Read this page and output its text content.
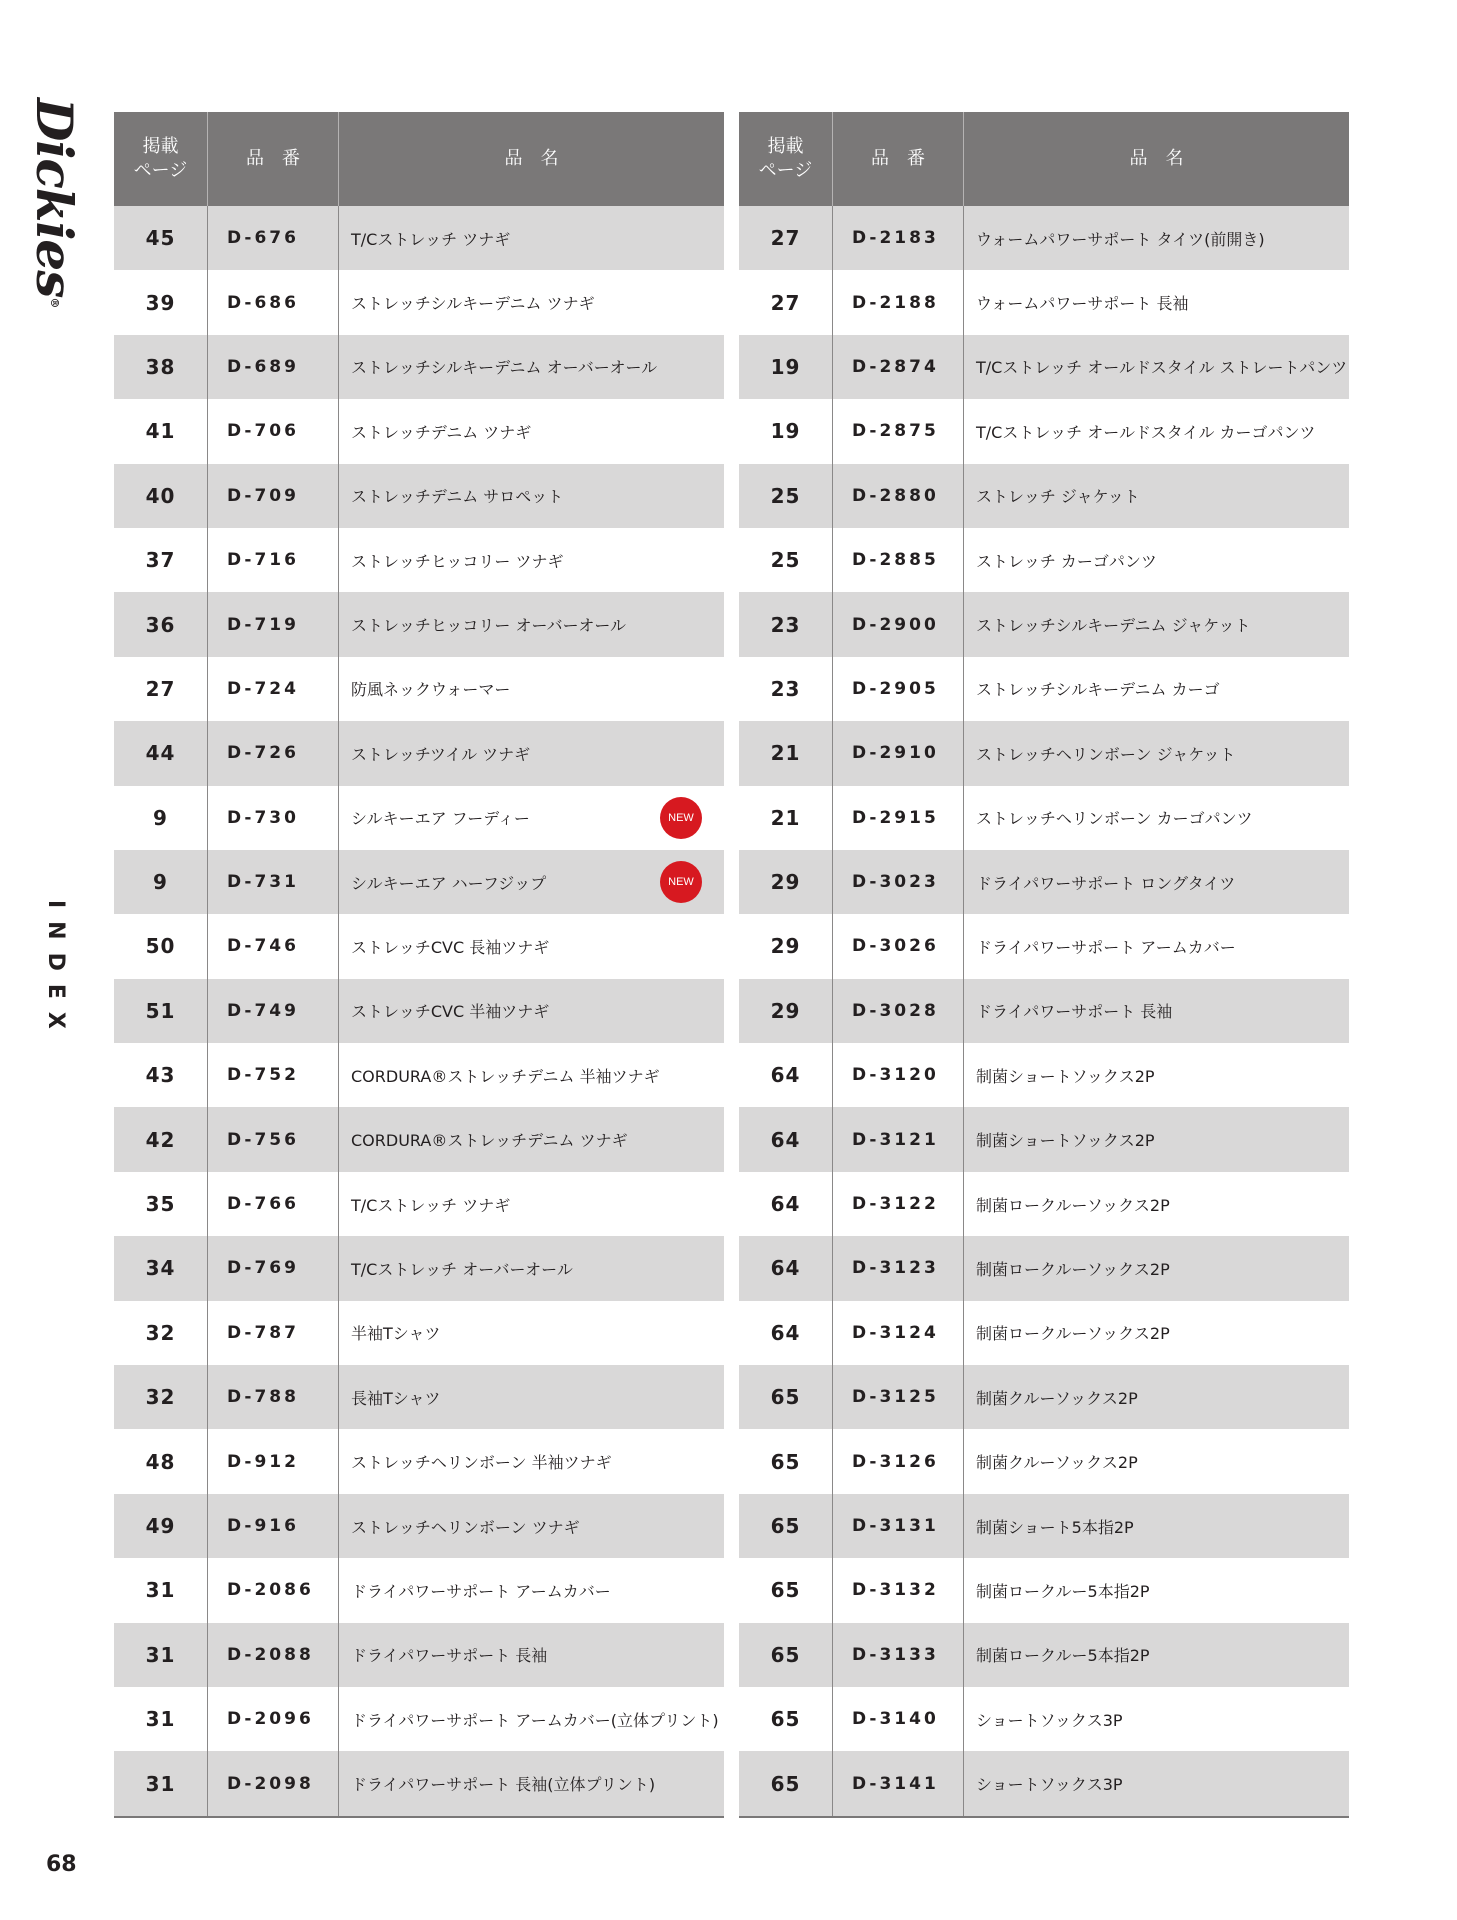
Dickies®
INDEX
掲載
ページ
品　番	品　名
45	D-676	T/Cストレッチ ツナギ
39	D-686	ストレッチシルキーデニム ツナギ
38	D-689	ストレッチシルキーデニム オーバーオール
41	D-706	ストレッチデニム ツナギ
40	D-709	ストレッチデニム サロペット
37	D-716	ストレッチヒッコリー ツナギ
36	D-719	ストレッチヒッコリー オーバーオール
27	D-724	防風ネックウォーマー
44	D-726	ストレッチツイル ツナギ
9	D-730	シルキーエア フーディー	NEW
9	D-731	シルキーエア ハーフジップ	NEW
50	D-746	ストレッチCVC 長袖ツナギ
51	D-749	ストレッチCVC 半袖ツナギ
43	D-752	CORDURA®ストレッチデニム 半袖ツナギ
42	D-756	CORDURA®ストレッチデニム ツナギ
35	D-766	T/Cストレッチ ツナギ
34	D-769	T/Cストレッチ オーバーオール
32	D-787	半袖Tシャツ
32	D-788	長袖Tシャツ
48	D-912	ストレッチヘリンボーン 半袖ツナギ
49	D-916	ストレッチヘリンボーン ツナギ
31	D-2086 ドライパワーサポート アームカバー
31	D-2088 ドライパワーサポート 長袖
31	D-2096 ドライパワーサポート アームカバー(立体プリント)
31	D-2098 ドライパワーサポート 長袖(立体プリント)
掲載
ページ
品　番	品　名
27	D-2183 ウォームパワーサポート タイツ(前開き)
27	D-2188 ウォームパワーサポート 長袖
19	D-2874 T/Cストレッチ オールドスタイル ストレートパンツ
19	D-2875 T/Cストレッチ オールドスタイル カーゴパンツ
25	D-2880 ストレッチ ジャケット
25	D-2885 ストレッチ カーゴパンツ
23	D-2900 ストレッチシルキーデニム ジャケット
23	D-2905 ストレッチシルキーデニム カーゴ
21	D-2910 ストレッチヘリンボーン ジャケット
21	D-2915 ストレッチヘリンボーン カーゴパンツ
29	D-3023 ドライパワーサポート ロングタイツ
29	D-3026 ドライパワーサポート アームカバー
29	D-3028 ドライパワーサポート 長袖
64	D-3120 制菌ショートソックス2P
64	D-3121 制菌ショートソックス2P
64	D-3122 制菌ロークルーソックス2P
64	D-3123 制菌ロークルーソックス2P
64	D-3124 制菌ロークルーソックス2P
65	D-3125 制菌クルーソックス2P
65	D-3126 制菌クルーソックス2P
65	D-3131 制菌ショート5本指2P
65	D-3132 制菌ロークルー5本指2P
65	D-3133 制菌ロークルー5本指2P
65	D-3140 ショートソックス3P
65	D-3141 ショートソックス3P
68
